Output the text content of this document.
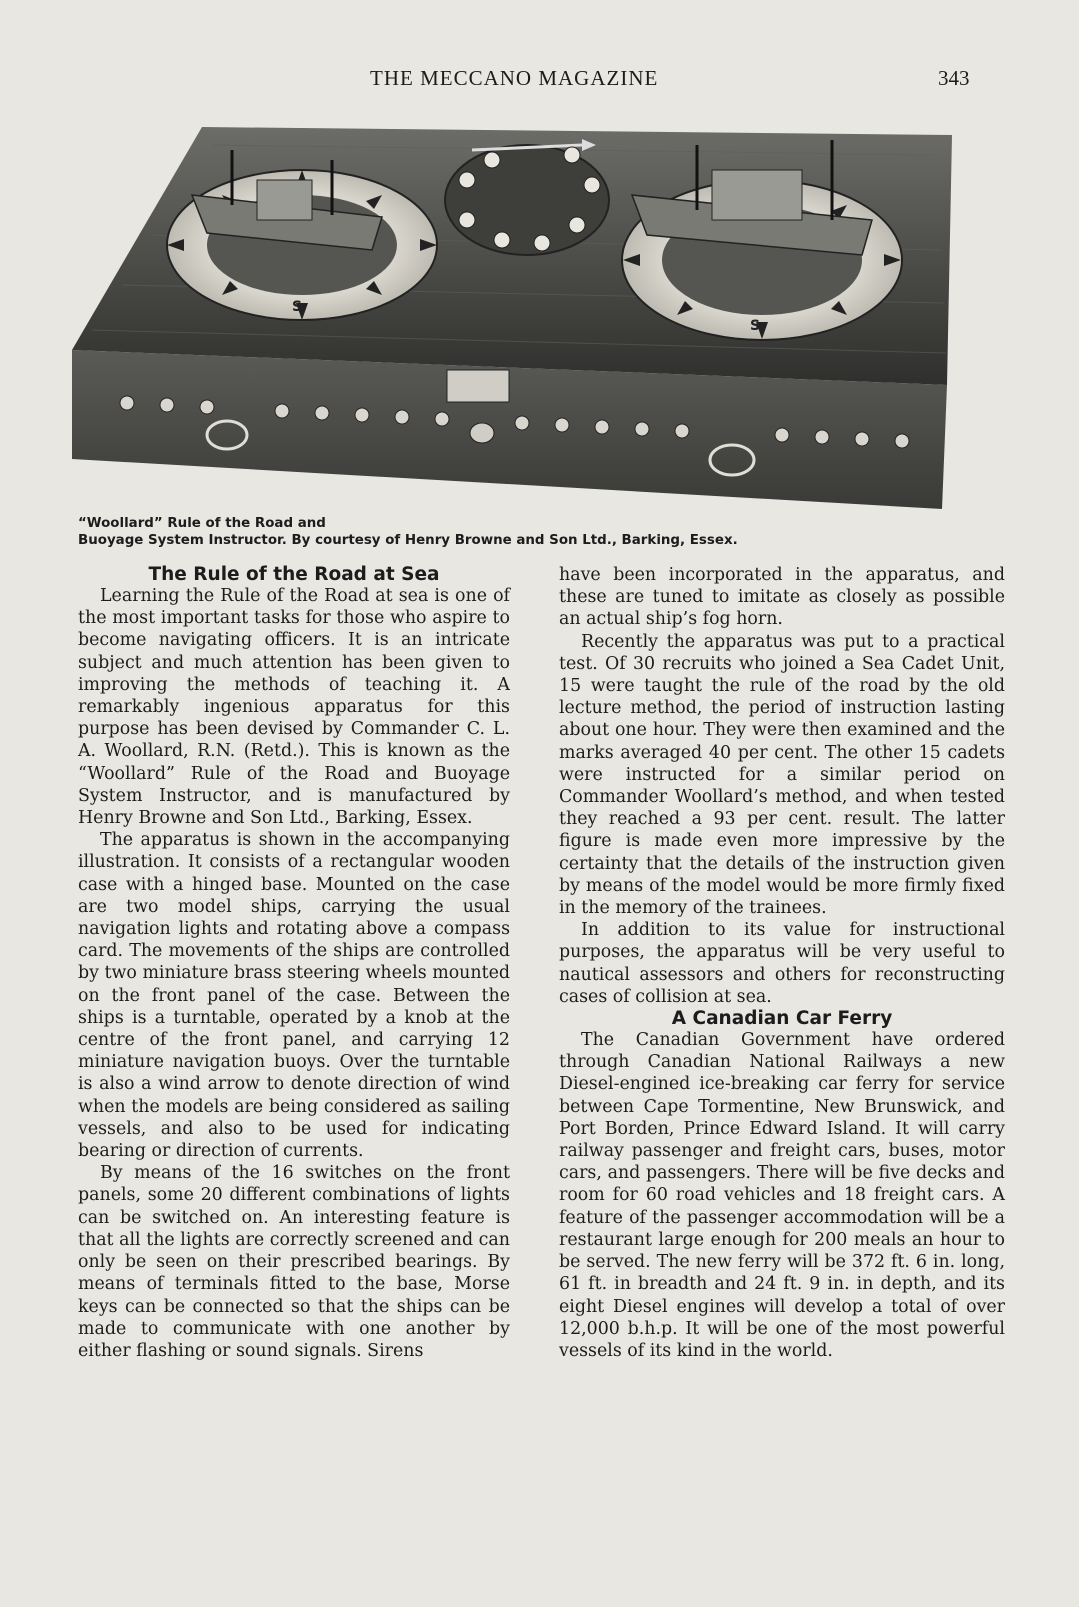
THE MECCANO MAGAZINE	343
S
S
“Woollard” Rule of the Road and
Buoyage System Instructor. By courtesy of Henry Browne and Son Ltd., Barking, Essex.
The Rule of the Road at Sea

Learning the Rule of the Road at sea is one of the most important tasks for those who aspire to become navigating officers. It is an intricate subject and much attention has been given to improving the methods of teaching it. A remarkably ingenious apparatus for this purpose has been devised by Commander C. L. A. Woollard, R.N. (Retd.). This is known as the “Woollard” Rule of the Road and Buoyage System Instructor, and is manufactured by Henry Browne and Son Ltd., Barking, Essex.

The apparatus is shown in the accompanying illustration. It consists of a rectangular wooden case with a hinged base. Mounted on the case are two model ships, carrying the usual navigation lights and rotating above a compass card. The movements of the ships are controlled by two miniature brass steering wheels mounted on the front panel of the case. Between the ships is a turntable, operated by a knob at the centre of the front panel, and carrying 12 miniature navigation buoys. Over the turntable is also a wind arrow to denote direction of wind when the models are being considered as sailing vessels, and also to be used for indicating bearing or direction of currents.

By means of the 16 switches on the front panels, some 20 different combinations of lights can be switched on. An interesting feature is that all the lights are correctly screened and can only be seen on their prescribed bearings. By means of terminals fitted to the base, Morse keys can be connected so that the ships can be made to communicate with one another by either flashing or sound signals. Sirens

have been incorporated in the apparatus, and these are tuned to imitate as closely as possible an actual ship’s fog horn.

Recently the apparatus was put to a practical test. Of 30 recruits who joined a Sea Cadet Unit, 15 were taught the rule of the road by the old lecture method, the period of instruction lasting about one hour. They were then examined and the marks averaged 40 per cent. The other 15 cadets were instructed for a similar period on Commander Woollard’s method, and when tested they reached a 93 per cent. result. The latter figure is made even more impressive by the certainty that the details of the instruction given by means of the model would be more firmly fixed in the memory of the trainees.

In addition to its value for instructional purposes, the apparatus will be very useful to nautical assessors and others for reconstructing cases of collision at sea.

A Canadian Car Ferry

The Canadian Government have ordered through Canadian National Railways a new Diesel-engined ice-breaking car ferry for service between Cape Tormentine, New Brunswick, and Port Borden, Prince Edward Island. It will carry railway passenger and freight cars, buses, motor cars, and passengers. There will be five decks and room for 60 road vehicles and 18 freight cars. A feature of the passenger accommodation will be a restaurant large enough for 200 meals an hour to be served. The new ferry will be 372 ft. 6 in. long, 61 ft. in breadth and 24 ft. 9 in. in depth, and its eight Diesel engines will develop a total of over 12,000 b.h.p. It will be one of the most powerful vessels of its kind in the world.
